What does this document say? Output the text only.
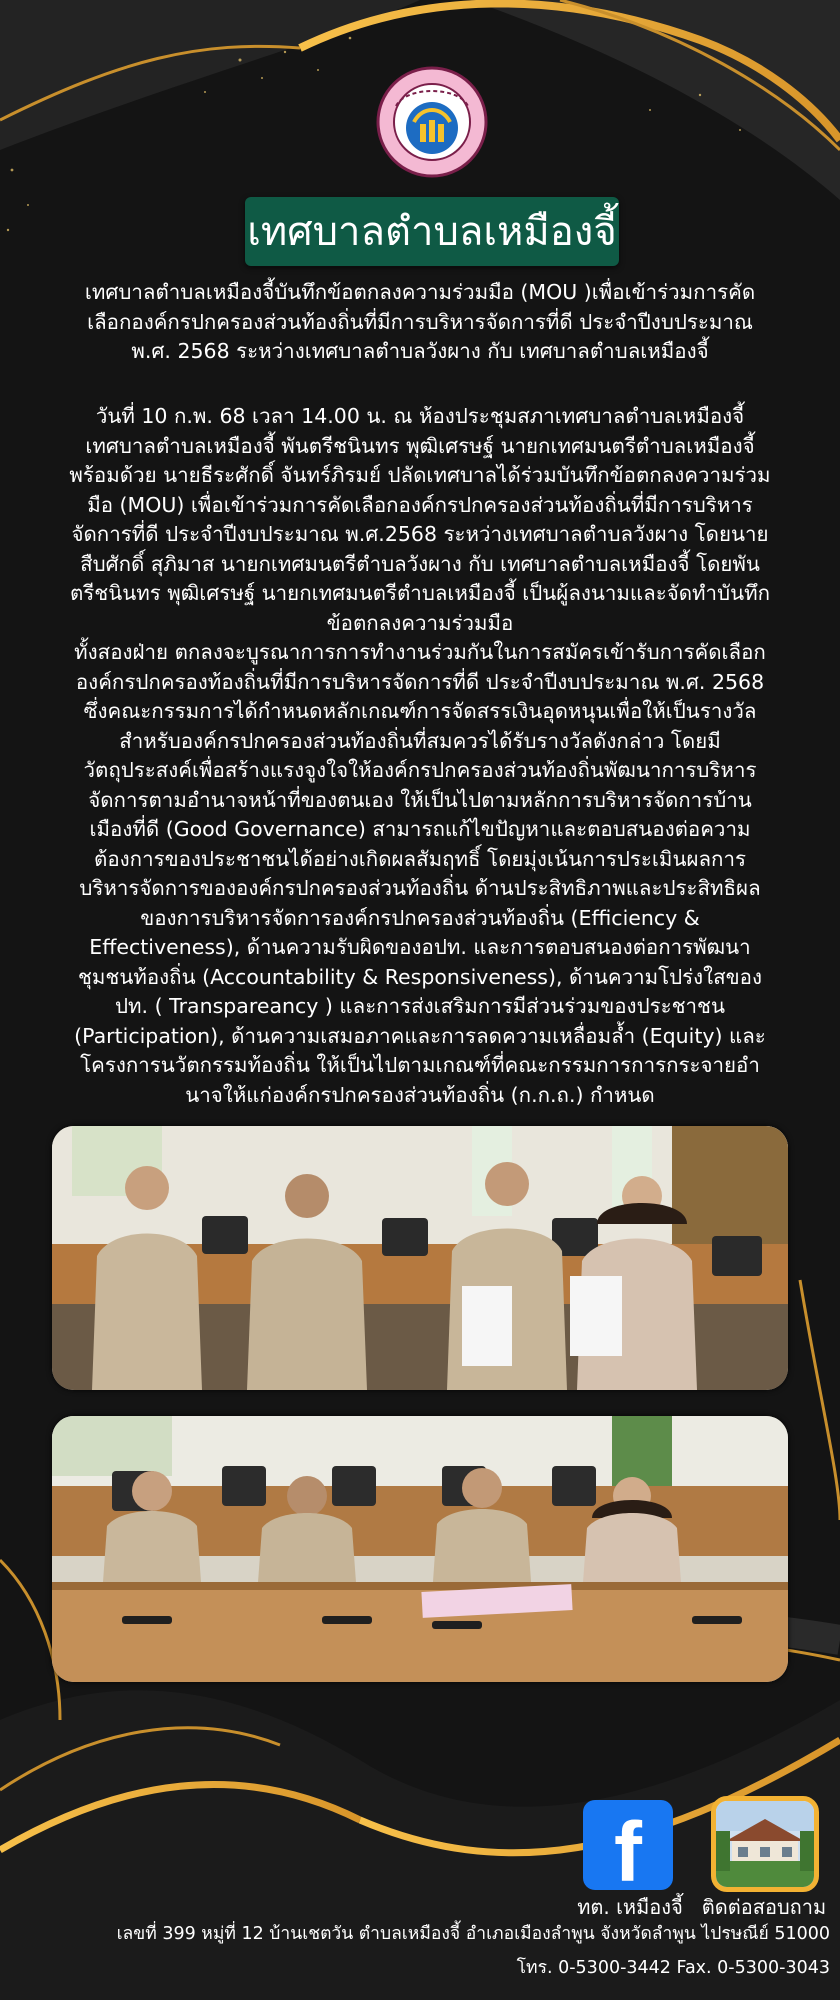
เทศบาลตำบลเหมืองจี้
เทศบาลตำบลเหมืองจี้บันทึกข้อตกลงความร่วมมือ (MOU )เพื่อเข้าร่วมการคัดเลือกองค์กรปกครองส่วนท้องถิ่นที่มีการบริหารจัดการที่ดี ประจำปีงบประมาณ พ.ศ. 2568 ระหว่างเทศบาลตำบลวังผาง กับ เทศบาลตำบลเหมืองจี้

วันที่ 10 ก.พ. 68 เวลา 14.00 น. ณ ห้องประชุมสภาเทศบาลตำบลเหมืองจี้ เทศบาลตำบลเหมืองจี้ พันตรีชนินทร พุฒิเศรษฐ์ นายกเทศมนตรีตำบลเหมืองจี้ พร้อมด้วย นายธีระศักดิ์ จันทร์ภิรมย์ ปลัดเทศบาลได้ร่วมบันทึกข้อตกลงความร่วมมือ (MOU) เพื่อเข้าร่วมการคัดเลือกองค์กรปกครองส่วนท้องถิ่นที่มีการบริหารจัดการที่ดี ประจำปีงบประมาณ พ.ศ.2568 ระหว่างเทศบาลตำบลวังผาง โดยนายสืบศักดิ์ สุภิมาส นายกเทศมนตรีตำบลวังผาง กับ เทศบาลตำบลเหมืองจี้ โดยพันตรีชนินทร พุฒิเศรษฐ์ นายกเทศมนตรีตำบลเหมืองจี้ เป็นผู้ลงนามและจัดทำบันทึกข้อตกลงความร่วมมือ

ทั้งสองฝ่าย ตกลงจะบูรณาการการทำงานร่วมกันในการสมัครเข้ารับการคัดเลือกองค์กรปกครองท้องถิ่นที่มีการบริหารจัดการที่ดี ประจำปีงบประมาณ พ.ศ. 2568 ซึ่งคณะกรรมการได้กำหนดหลักเกณฑ์การจัดสรรเงินอุดหนุนเพื่อให้เป็นรางวัลสำหรับองค์กรปกครองส่วนท้องถิ่นที่สมควรได้รับรางวัลดังกล่าว โดยมีวัตถุประสงค์เพื่อสร้างแรงจูงใจให้องค์กรปกครองส่วนท้องถิ่นพัฒนาการบริหารจัดการตามอำนาจหน้าที่ของตนเอง ให้เป็นไปตามหลักการบริหารจัดการบ้านเมืองที่ดี (Good Governance) สามารถแก้ไขปัญหาและตอบสนองต่อความต้องการของประชาชนได้อย่างเกิดผลสัมฤทธิ์ โดยมุ่งเน้นการประเมินผลการบริหารจัดการขององค์กรปกครองส่วนท้องถิ่น ด้านประสิทธิภาพและประสิทธิผลของการบริหารจัดการองค์กรปกครองส่วนท้องถิ่น (Efficiency & Effectiveness), ด้านความรับผิดของอปท. และการตอบสนองต่อการพัฒนาชุมชนท้องถิ่น (Accountability & Responsiveness), ด้านความโปร่งใสของปท. ( Transpareancy ) และการส่งเสริมการมีส่วนร่วมของประชาชน (Participation), ด้านความเสมอภาคและการลดความเหลื่อมล้ำ (Equity) และโครงการนวัตกรรมท้องถิ่น ให้เป็นไปตามเกณฑ์ที่คณะกรรมการการกระจายอำนาจให้แก่องค์กรปกครองส่วนท้องถิ่น (ก.ก.ถ.) กำหนด

f
ทต. เหมืองจี้ ติดต่อสอบถาม
เลขที่ 399 หมู่ที่ 12 บ้านเชตวัน ตำบลเหมืองจี้ อำเภอเมืองลำพูน จังหวัดลำพูน ไปรษณีย์ 51000
โทร. 0-5300-3442 Fax. 0-5300-3043
